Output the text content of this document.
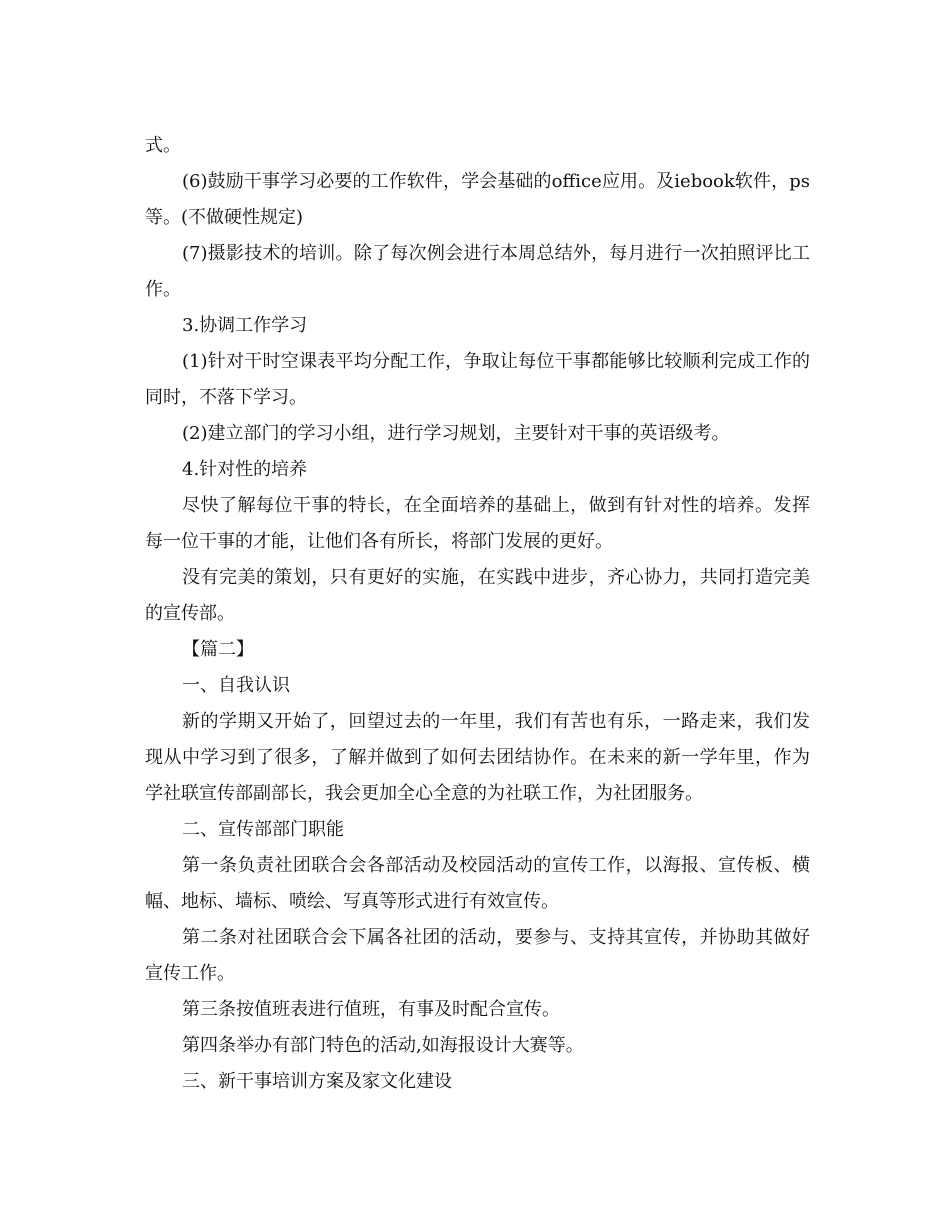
式。

(6)鼓励干事学习必要的工作软件，学会基础的office应用。及iebook软件，ps等。(不做硬性规定)

(7)摄影技术的培训。除了每次例会进行本周总结外，每月进行一次拍照评比工作。

3.协调工作学习

(1)针对干时空课表平均分配工作，争取让每位干事都能够比较顺利完成工作的同时，不落下学习。

(2)建立部门的学习小组，进行学习规划，主要针对干事的英语级考。

4.针对性的培养

尽快了解每位干事的特长，在全面培养的基础上，做到有针对性的培养。发挥每一位干事的才能，让他们各有所长，将部门发展的更好。

没有完美的策划，只有更好的实施，在实践中进步，齐心协力，共同打造完美的宣传部。

【篇二】

一、自我认识

新的学期又开始了，回望过去的一年里，我们有苦也有乐，一路走来，我们发现从中学习到了很多，了解并做到了如何去团结协作。在未来的新一学年里，作为学社联宣传部副部长，我会更加全心全意的为社联工作，为社团服务。

二、宣传部部门职能

第一条负责社团联合会各部活动及校园活动的宣传工作，以海报、宣传板、横幅、地标、墙标、喷绘、写真等形式进行有效宣传。

第二条对社团联合会下属各社团的活动，要参与、支持其宣传，并协助其做好宣传工作。

第三条按值班表进行值班，有事及时配合宣传。

第四条举办有部门特色的活动,如海报设计大赛等。

三、新干事培训方案及家文化建设
